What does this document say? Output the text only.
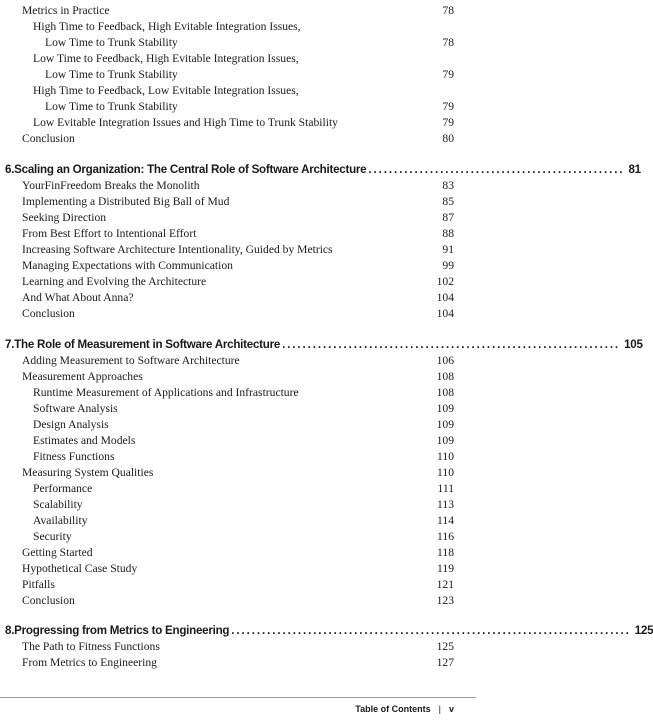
Metrics in Practice	78
High Time to Feedback, High Evitable Integration Issues,
Low Time to Trunk Stability	78
Low Time to Feedback, High Evitable Integration Issues,
Low Time to Trunk Stability	79
High Time to Feedback, Low Evitable Integration Issues,
Low Time to Trunk Stability	79
Low Evitable Integration Issues and High Time to Trunk Stability	79
Conclusion	80
6. Scaling an Organization: The Central Role of Software Architecture .................................................. 81
YourFinFreedom Breaks the Monolith	83
Implementing a Distributed Big Ball of Mud	85
Seeking Direction	87
From Best Effort to Intentional Effort	88
Increasing Software Architecture Intentionality, Guided by Metrics	91
Managing Expectations with Communication	99
Learning and Evolving the Architecture	102
And What About Anna?	104
Conclusion	104
7. The Role of Measurement in Software Architecture .................................................................. 105
Adding Measurement to Software Architecture	106
Measurement Approaches	108
Runtime Measurement of Applications and Infrastructure	108
Software Analysis	109
Design Analysis	109
Estimates and Models	109
Fitness Functions	110
Measuring System Qualities	110
Performance	111
Scalability	113
Availability	114
Security	116
Getting Started	118
Hypothetical Case Study	119
Pitfalls	121
Conclusion	123
8. Progressing from Metrics to Engineering .............................................................................. 125
The Path to Fitness Functions	125
From Metrics to Engineering	127
Table of Contents | v
